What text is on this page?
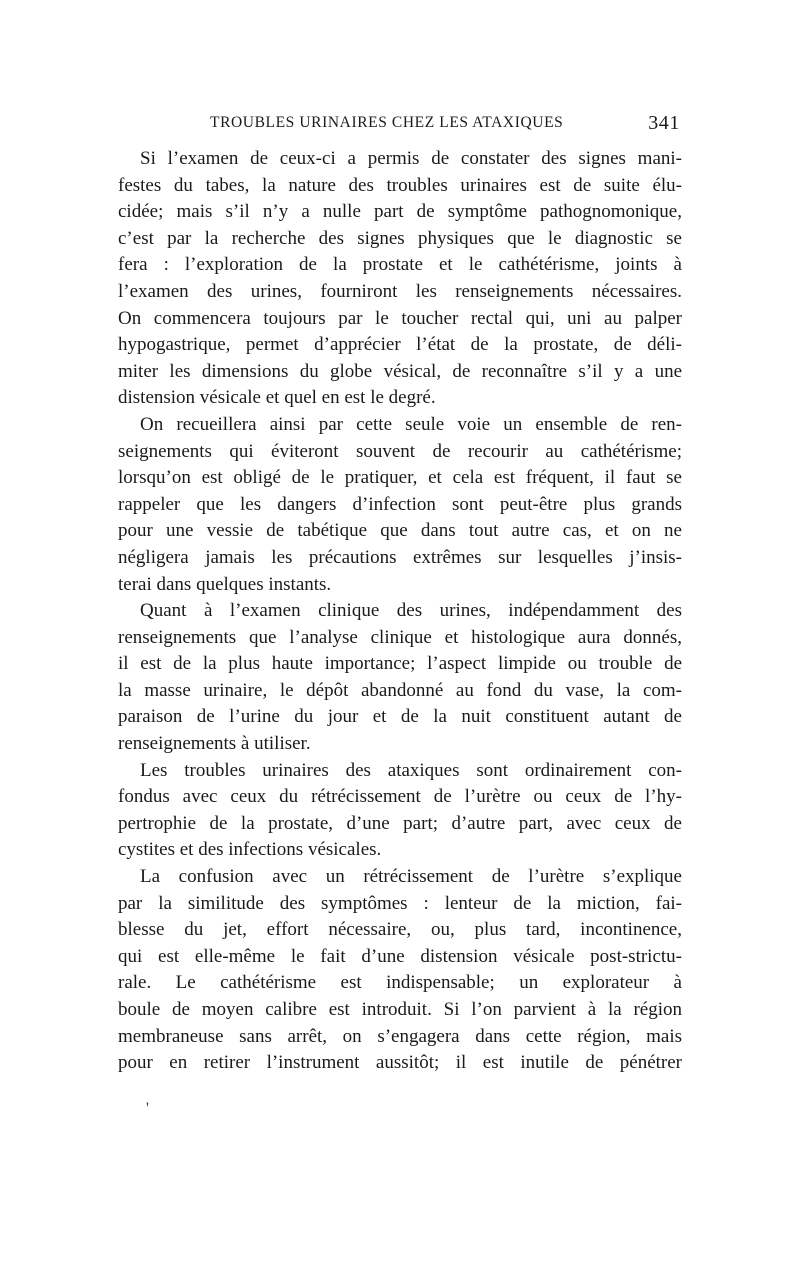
TROUBLES URINAIRES CHEZ LES ATAXIQUES	341

Si l’examen de ceux-ci a permis de constater des signes mani-
festes du tabes, la nature des troubles urinaires est de suite élu-
cidée; mais s’il n’y a nulle part de symptôme pathognomonique,
c’est par la recherche des signes physiques que le diagnostic se
fera : l’exploration de la prostate et le cathétérisme, joints à
l’examen des urines, fourniront les renseignements nécessaires.
On commencera toujours par le toucher rectal qui, uni au palper
hypogastrique, permet d’apprécier l’état de la prostate, de déli-
miter les dimensions du globe vésical, de reconnaître s’il y a une
distension vésicale et quel en est le degré.

On recueillera ainsi par cette seule voie un ensemble de ren-
seignements qui éviteront souvent de recourir au cathétérisme;
lorsqu’on est obligé de le pratiquer, et cela est fréquent, il faut se
rappeler que les dangers d’infection sont peut-être plus grands
pour une vessie de tabétique que dans tout autre cas, et on ne
négligera jamais les précautions extrêmes sur lesquelles j’insis-
terai dans quelques instants.

Quant à l’examen clinique des urines, indépendamment des
renseignements que l’analyse clinique et histologique aura donnés,
il est de la plus haute importance; l’aspect limpide ou trouble de
la masse urinaire, le dépôt abandonné au fond du vase, la com-
paraison de l’urine du jour et de la nuit constituent autant de
renseignements à utiliser.

Les troubles urinaires des ataxiques sont ordinairement con-
fondus avec ceux du rétrécissement de l’urètre ou ceux de l’hy-
pertrophie de la prostate, d’une part; d’autre part, avec ceux de
cystites et des infections vésicales.

La confusion avec un rétrécissement de l’urètre s’explique
par la similitude des symptômes : lenteur de la miction, fai-
blesse du jet, effort nécessaire, ou, plus tard, incontinence,
qui est elle-même le fait d’une distension vésicale post-strictu-
rale. Le cathétérisme est indispensable; un explorateur à
boule de moyen calibre est introduit. Si l’on parvient à la région
membraneuse sans arrêt, on s’engagera dans cette région, mais
pour en retirer l’instrument aussitôt; il est inutile de pénétrer

'
